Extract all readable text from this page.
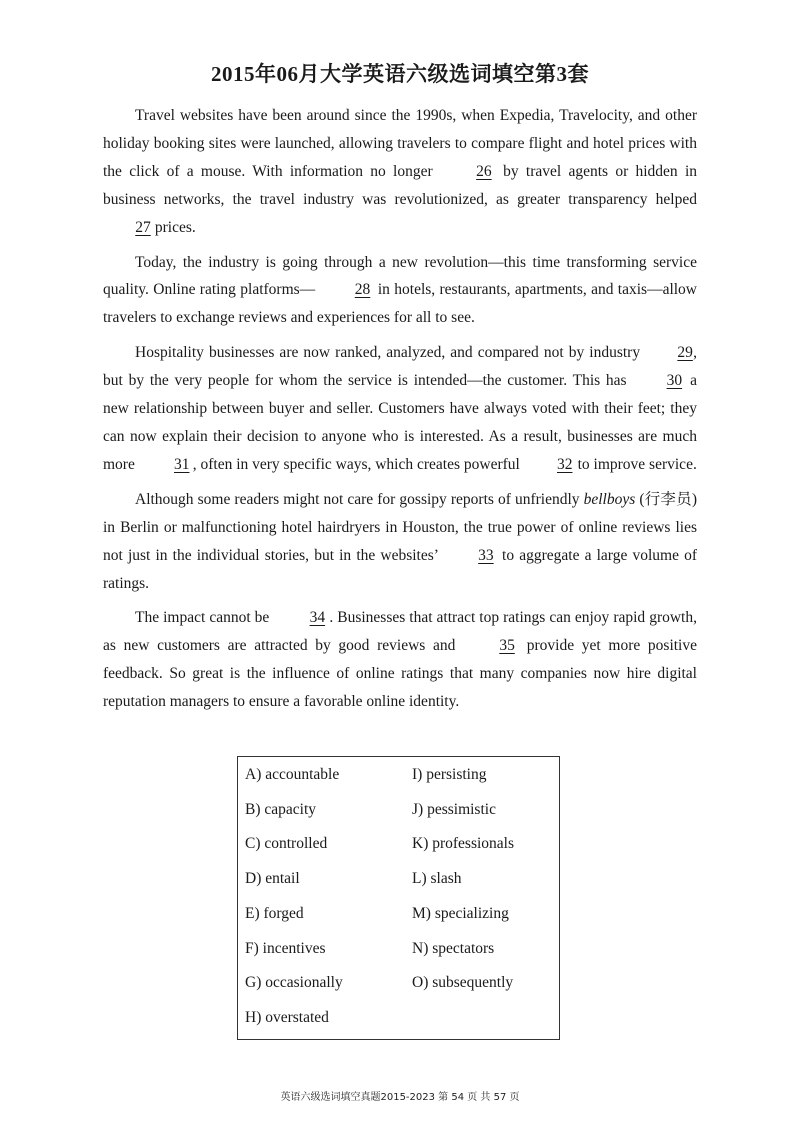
2015年06月大学英语六级选词填空第3套

Travel websites have been around since the 1990s, when Expedia, Travelocity, and other holiday booking sites were launched, allowing travelers to compare flight and hotel prices with the click of a mouse. With information no longer 26 by travel agents or hidden in business networks, the travel industry was revolutionized, as greater transparency helped 27 prices.

Today, the industry is going through a new revolution—this time transforming service quality. Online rating platforms— 28 in hotels, restaurants, apartments, and taxis—allow travelers to exchange reviews and experiences for all to see.

Hospitality businesses are now ranked, analyzed, and compared not by industry 29, but by the very people for whom the service is intended—the customer. This has 30 a new relationship between buyer and seller. Customers have always voted with their feet; they can now explain their decision to anyone who is interested. As a result, businesses are much more 31 , often in very specific ways, which creates powerful 32 to improve service.

Although some readers might not care for gossipy reports of unfriendly bellboys (行李员) in Berlin or malfunctioning hotel hairdryers in Houston, the true power of online reviews lies not just in the individual stories, but in the websites’ 33 to aggregate a large volume of ratings.

The impact cannot be 34 . Businesses that attract top ratings can enjoy rapid growth, as new customers are attracted by good reviews and 35 provide yet more positive feedback. So great is the influence of online ratings that many companies now hire digital reputation managers to ensure a favorable online identity.

A) accountable
B) capacity
C) controlled
D) entail
E) forged
F) incentives
G) occasionally
H) overstated
I) persisting
J) pessimistic
K) professionals
L) slash
M) specializing
N) spectators
O) subsequently
英语六级选词填空真题2015-2023 第 54 页 共 57 页
